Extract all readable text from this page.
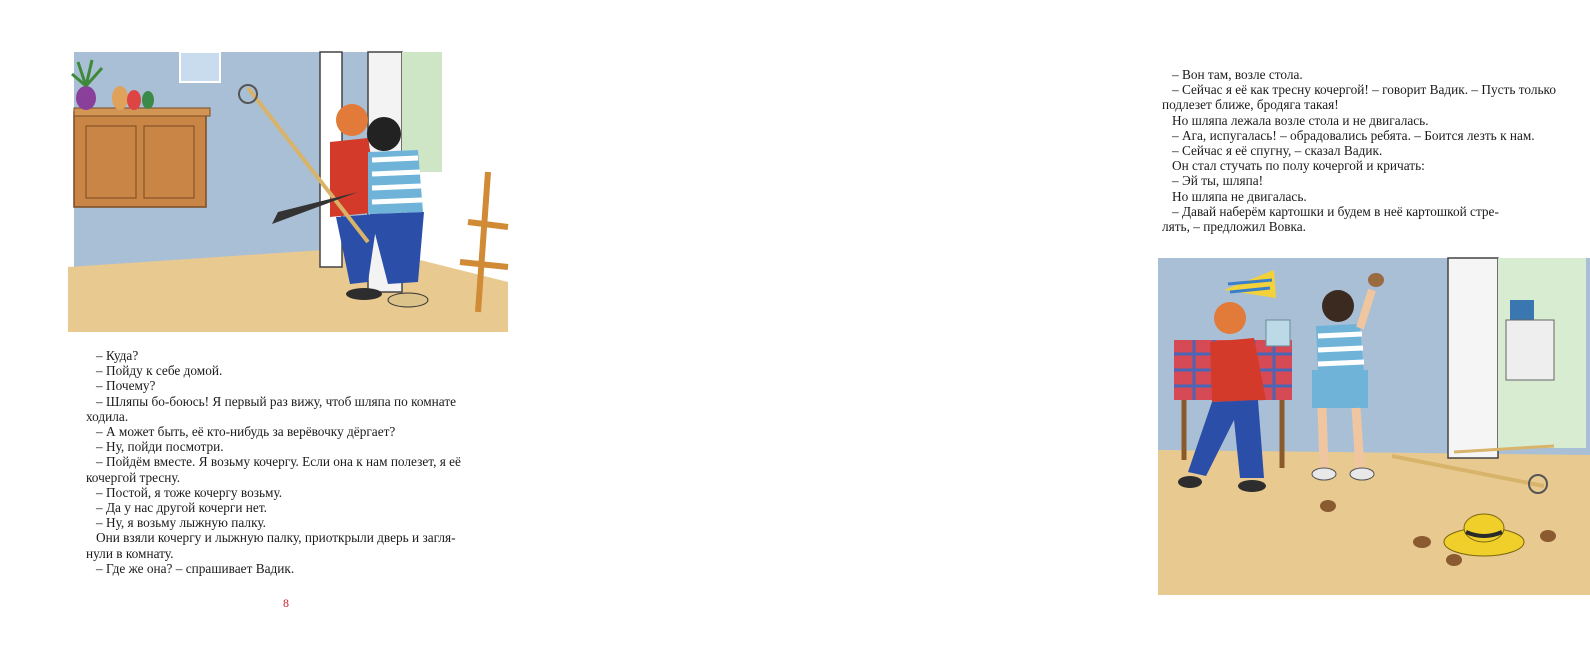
– Куда?

– Пойду к себе домой.

– Почему?

– Шляпы бо-боюсь! Я первый раз вижу, чтоб шляпа по комнате

ходила.

– А может быть, её кто-нибудь за верёвочку дёргает?

– Ну, пойди посмотри.

– Пойдём вместе. Я возьму кочергу. Если она к нам полезет, я её

кочергой тресну.

– Постой, я тоже кочергу возьму.

– Да у нас другой кочерги нет.

– Ну, я возьму лыжную палку.

Они взяли кочергу и лыжную палку, приоткрыли дверь и загля-

нули в комнату.

– Где же она? – спрашивает Вадик.

8

– Вон там, возле стола.

– Сейчас я её как тресну кочергой! – говорит Вадик. – Пусть только

подлезет ближе, бродяга такая!

Но шляпа лежала возле стола и не двигалась.

– Ага, испугалась! – обрадовались ребята. – Боится лезть к нам.

– Сейчас я её спугну, – сказал Вадик.

Он стал стучать по полу кочергой и кричать:

– Эй ты, шляпа!

Но шляпа не двигалась.

– Давай наберём картошки и будем в неё картошкой стре-

лять, – предложил Вовка.
